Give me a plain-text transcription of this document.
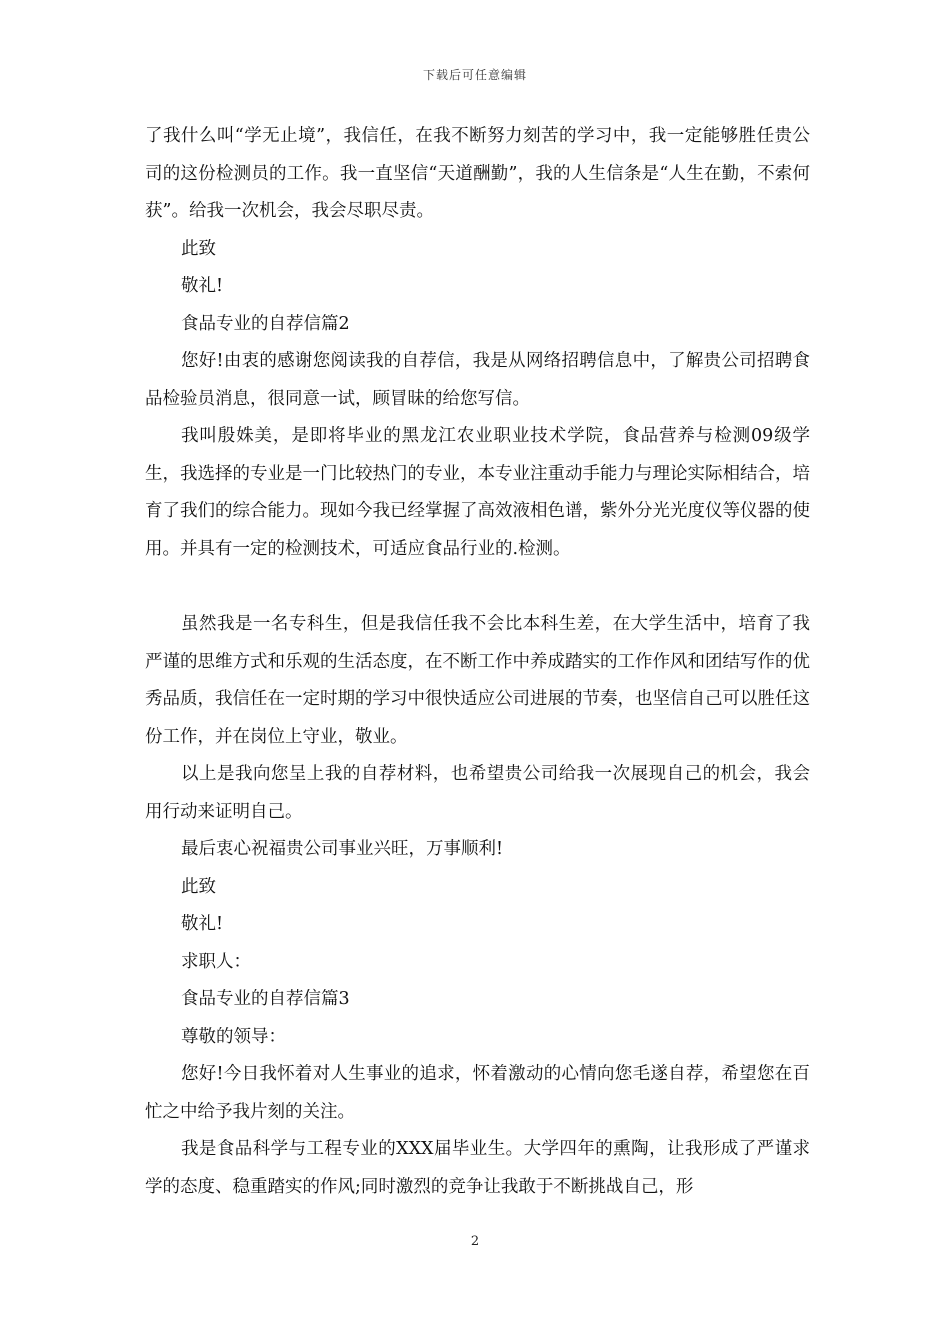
下载后可任意编辑

了我什么叫“学无止境”，我信任，在我不断努力刻苦的学习中，我一定能够胜任贵公司的这份检测员的工作。我一直坚信“天道酬勤”，我的人生信条是“人生在勤，不索何获”。给我一次机会，我会尽职尽责。

此致

敬礼!

食品专业的自荐信篇2

您好!由衷的感谢您阅读我的自荐信，我是从网络招聘信息中，了解贵公司招聘食品检验员消息，很同意一试，顾冒昧的给您写信。

我叫殷姝美，是即将毕业的黑龙江农业职业技术学院，食品营养与检测09级学生，我选择的专业是一门比较热门的专业，本专业注重动手能力与理论实际相结合，培育了我们的综合能力。现如今我已经掌握了高效液相色谱，紫外分光光度仪等仪器的使用。并具有一定的检测技术，可适应食品行业的.检测。

虽然我是一名专科生，但是我信任我不会比本科生差，在大学生活中，培育了我严谨的思维方式和乐观的生活态度，在不断工作中养成踏实的工作作风和团结写作的优秀品质，我信任在一定时期的学习中很快适应公司进展的节奏，也坚信自己可以胜任这份工作，并在岗位上守业，敬业。

以上是我向您呈上我的自荐材料，也希望贵公司给我一次展现自己的机会，我会用行动来证明自己。

最后衷心祝福贵公司事业兴旺，万事顺利!

此致

敬礼!

求职人：

食品专业的自荐信篇3

尊敬的领导：

您好!今日我怀着对人生事业的追求，怀着激动的心情向您毛遂自荐，希望您在百忙之中给予我片刻的关注。

我是食品科学与工程专业的XXX届毕业生。大学四年的熏陶，让我形成了严谨求学的态度、稳重踏实的作风;同时激烈的竞争让我敢于不断挑战自己，形

2
